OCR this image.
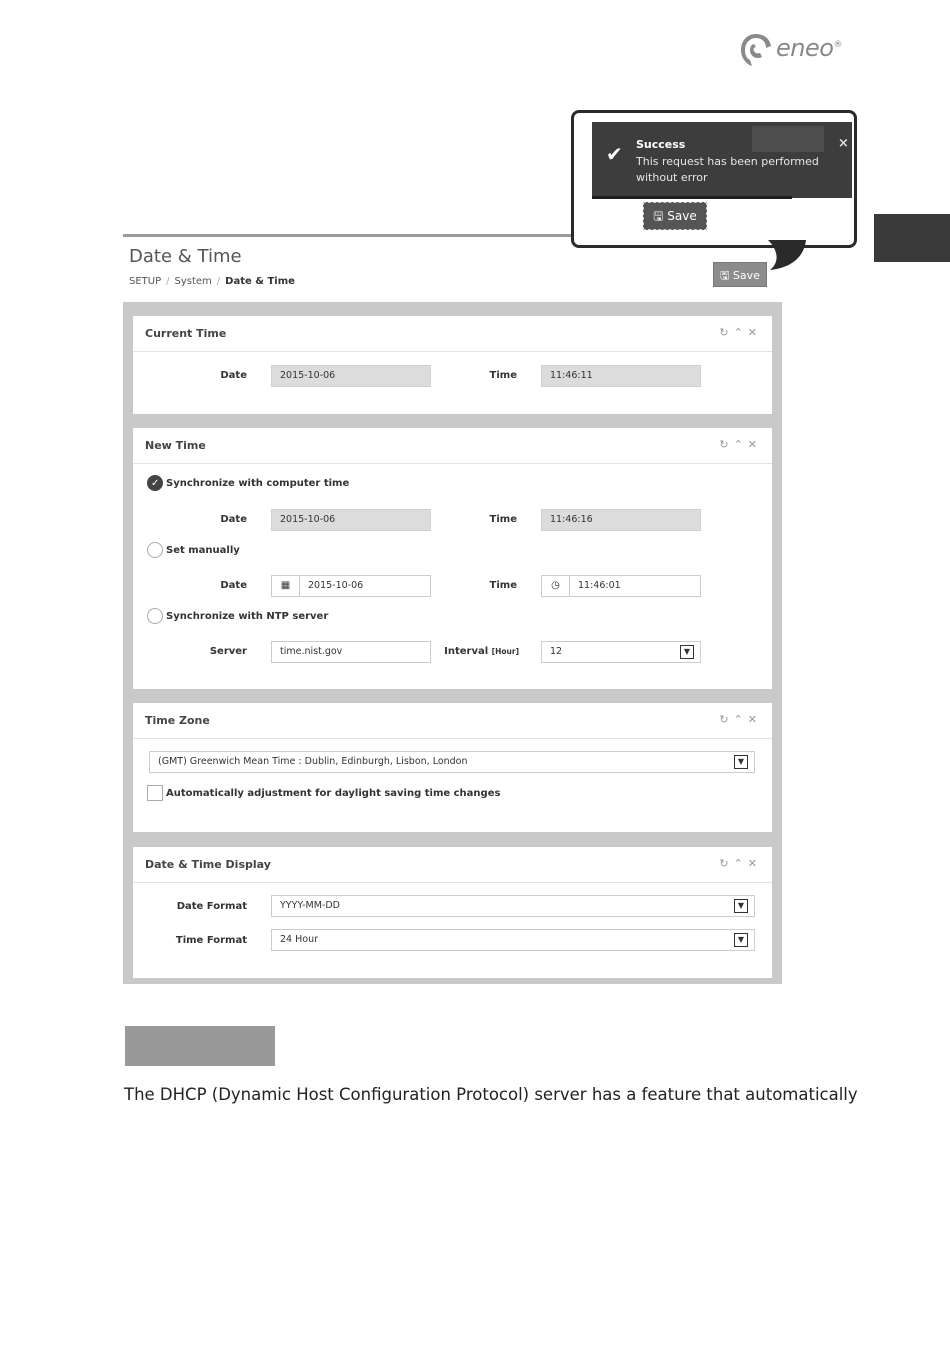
eneo®
✔ Success
This request has been performed without error
×
🖫 Save
Date & Time
SETUP / System / Date & Time	🖫 Save
Current Time	↻⌃✕
Date	2015-10-06	Time	11:46:11
New Time	↻⌃✕
✓Synchronize with computer time
Date	2015-10-06	Time	11:46:16
Set manually
Date	▦	2015-10-06	Time	◷	11:46:01
Synchronize with NTP server
Server	time.nist.gov	Interval [Hour]	12	▼
Time Zone	↻⌃✕
(GMT) Greenwich Mean Time : Dublin, Edinburgh, Lisbon, London	▼
Automatically adjustment for daylight saving time changes
Date & Time Display	↻⌃✕
Date Format	YYYY-MM-DD	▼
Time Format	24 Hour	▼
The DHCP (Dynamic Host Configuration Protocol) server has a feature that automatically
